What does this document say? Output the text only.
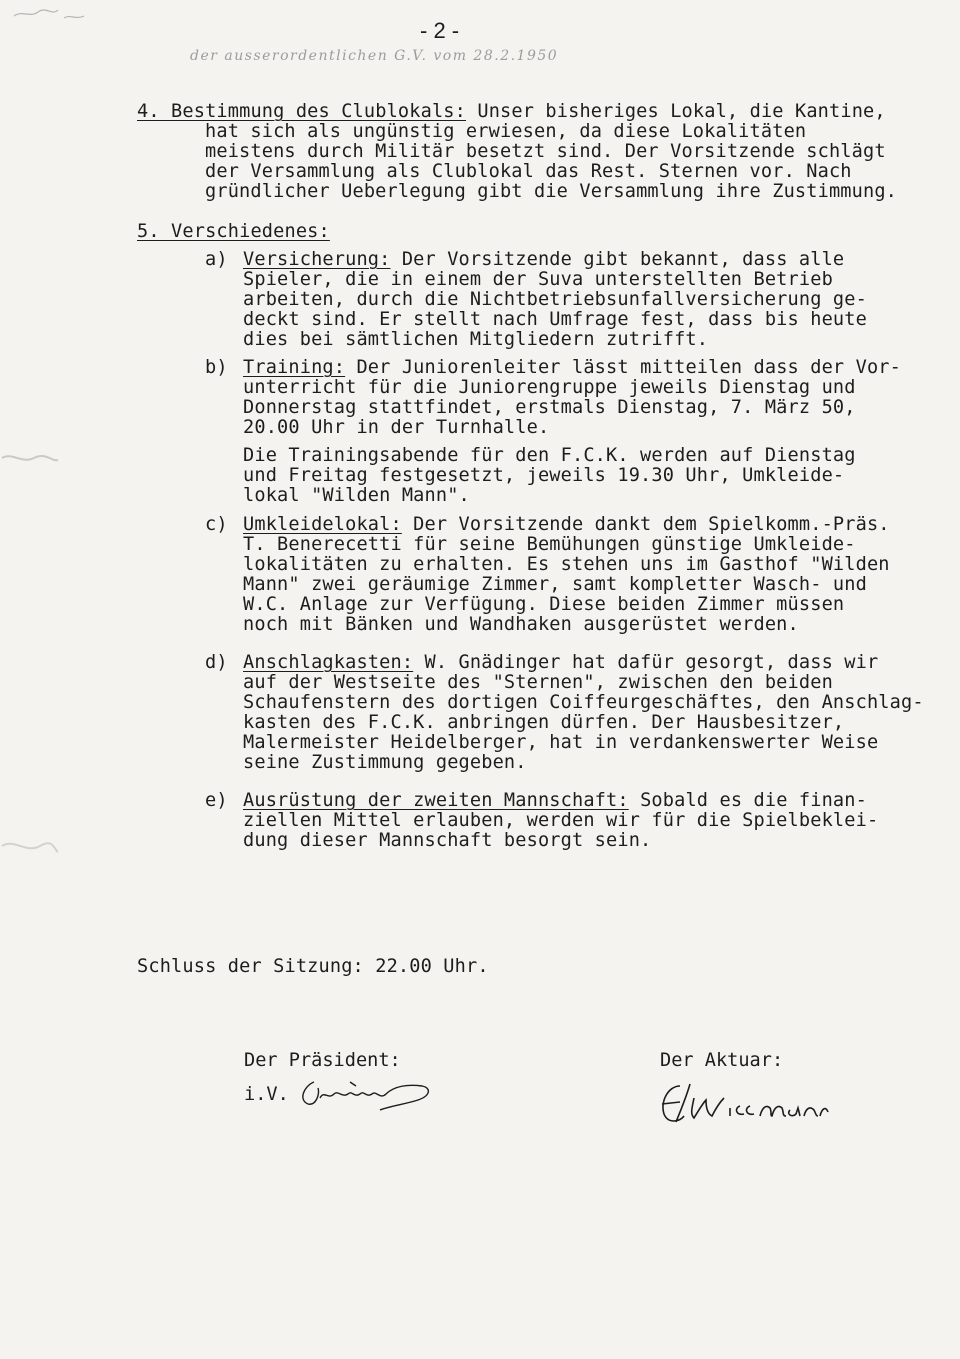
- 2 -
der ausserordentlichen G.V. vom 28.2.1950
4. Bestimmung des Clublokals: Unser bisheriges Lokal, die Kantine,
hat sich als ungünstig erwiesen, da diese Lokalitäten
meistens durch Militär besetzt sind. Der Vorsitzende schlägt
der Versammlung als Clublokal das Rest. Sternen vor. Nach
gründlicher Ueberlegung gibt die Versammlung ihre Zustimmung.
5. Verschiedenes:
a) Versicherung: Der Vorsitzende gibt bekannt, dass alle
Spieler, die in einem der Suva unterstellten Betrieb
arbeiten, durch die Nichtbetriebsunfallversicherung ge-
deckt sind. Er stellt nach Umfrage fest, dass bis heute
dies bei sämtlichen Mitgliedern zutrifft.
b) Training: Der Juniorenleiter lässt mitteilen dass der Vor-
unterricht für die Juniorengruppe jeweils Dienstag und
Donnerstag stattfindet, erstmals Dienstag, 7. März 50,
20.00 Uhr in der Turnhalle.
Die Trainingsabende für den F.C.K. werden auf Dienstag
und Freitag festgesetzt, jeweils 19.30 Uhr, Umkleide-
lokal "Wilden Mann".
c) Umkleidelokal: Der Vorsitzende dankt dem Spielkomm.-Präs.
T. Benerecetti für seine Bemühungen günstige Umkleide-
lokalitäten zu erhalten. Es stehen uns im Gasthof "Wilden
Mann" zwei geräumige Zimmer, samt kompletter Wasch- und
W.C. Anlage zur Verfügung. Diese beiden Zimmer müssen
noch mit Bänken und Wandhaken ausgerüstet werden.
d) Anschlagkasten: W. Gnädinger hat dafür gesorgt, dass wir
auf der Westseite des "Sternen", zwischen den beiden
Schaufenstern des dortigen Coiffeurgeschäftes, den Anschlag-
kasten des F.C.K. anbringen dürfen. Der Hausbesitzer,
Malermeister Heidelberger, hat in verdankenswerter Weise
seine Zustimmung gegeben.
e) Ausrüstung der zweiten Mannschaft: Sobald es die finan-
ziellen Mittel erlauben, werden wir für die Spielbeklei-
dung dieser Mannschaft besorgt sein.
Schluss der Sitzung: 22.00 Uhr.
Der Präsident:
i.V.
Der Aktuar:
